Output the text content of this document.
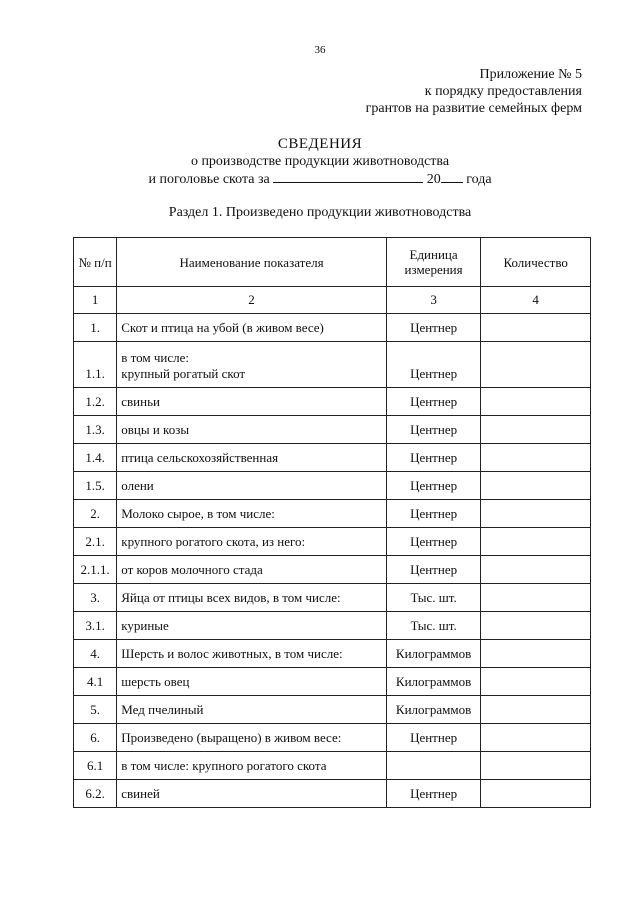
36
Приложение № 5
к порядку предоставления
грантов на развитие семейных ферм
СВЕДЕНИЯ
о производстве продукции животноводства
и поголовье скота за	20 года
Раздел 1. Произведено продукции животноводства
№ п/п	Наименование показателя	Единица измерения	Количество
1	2	3	4
1.	Скот и птица на убой (в живом весе)	Центнер	
1.1.	в том числе:
крупный рогатый скот	Центнер	
1.2.	свиньи	Центнер	
1.3.	овцы и козы	Центнер	
1.4.	птица сельскохозяйственная	Центнер	
1.5.	олени	Центнер	
2.	Молоко сырое, в том числе:	Центнер	
2.1.	крупного рогатого скота, из него:	Центнер	
2.1.1.	от коров молочного стада	Центнер	
3.	Яйца от птицы всех видов, в том числе:	Тыс. шт.	
3.1.	куриные	Тыс. шт.	
4.	Шерсть и волос животных, в том числе:	Килограммов	
4.1	шерсть овец	Килограммов	
5.	Мед пчелиный	Килограммов	
6.	Произведено (выращено) в живом весе:	Центнер	
6.1	в том числе: крупного рогатого скота		
6.2.	свиней	Центнер	
